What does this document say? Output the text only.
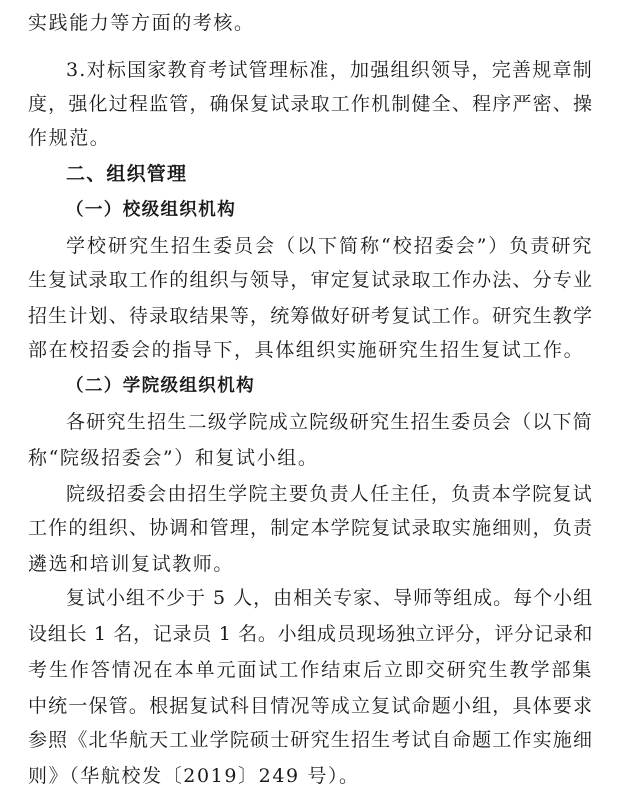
实践能力等方面的考核。
3.对标国家教育考试管理标准，加强组织领导，完善规章制
度，强化过程监管，确保复试录取工作机制健全、程序严密、操
作规范。
二、组织管理
（一）校级组织机构
学校研究生招生委员会（以下简称“校招委会”）负责研究
生复试录取工作的组织与领导，审定复试录取工作办法、分专业
招生计划、待录取结果等，统筹做好研考复试工作。研究生教学
部在校招委会的指导下，具体组织实施研究生招生复试工作。
（二）学院级组织机构
各研究生招生二级学院成立院级研究生招生委员会（以下简
称“院级招委会”）和复试小组。
院级招委会由招生学院主要负责人任主任，负责本学院复试
工作的组织、协调和管理，制定本学院复试录取实施细则，负责
遴选和培训复试教师。
复试小组不少于 5 人，由相关专家、导师等组成。每个小组
设组长 1 名，记录员 1 名。小组成员现场独立评分，评分记录和
考生作答情况在本单元面试工作结束后立即交研究生教学部集
中统一保管。根据复试科目情况等成立复试命题小组，具体要求
参照《北华航天工业学院硕士研究生招生考试自命题工作实施细
则》（华航校发〔2019〕249 号）。
